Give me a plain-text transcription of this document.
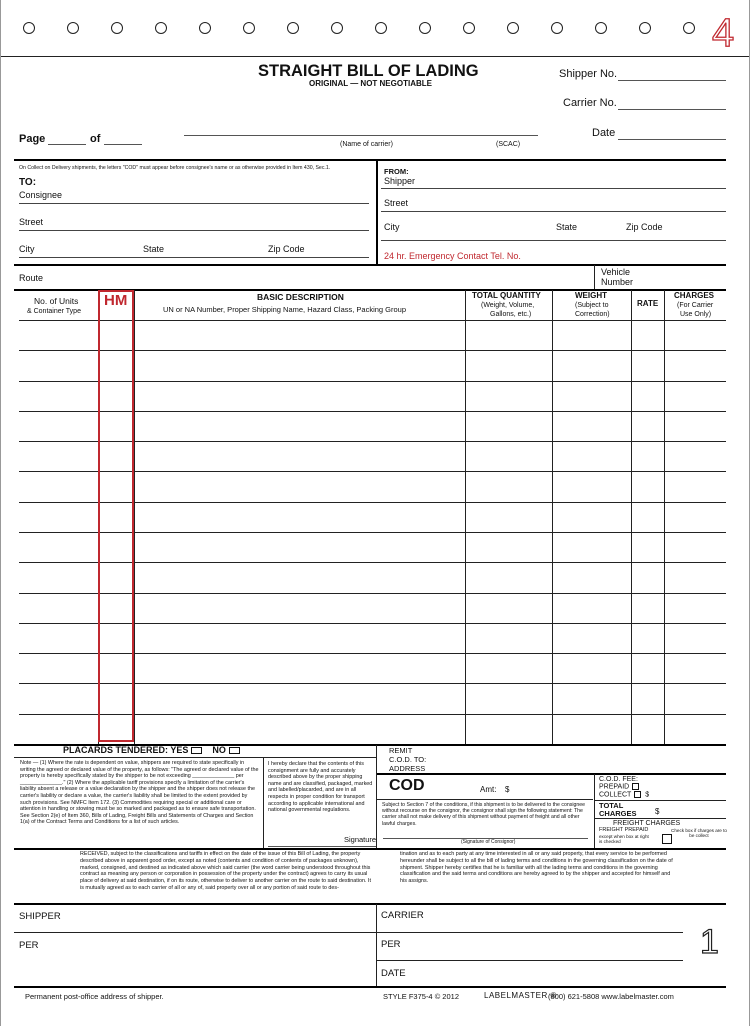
4
STRAIGHT BILL OF LADING
ORIGINAL — NOT NEGOTIABLE
Shipper No.
Carrier No.
Date
Page	of	(Name of carrier)	(SCAC)
On Collect on Delivery shipments, the letters "COD" must appear before consignee's name or as otherwise provided in Item 430, Sec.1.
TO:
Consignee
Street
City	State	Zip Code
FROM:
Shipper
Street
City	State	Zip Code
24 hr. Emergency Contact Tel. No.
Route
Vehicle
Number
No. of Units
& Container Type
HM	BASIC DESCRIPTION
UN or NA Number, Proper Shipping Name, Hazard Class, Packing Group
TOTAL QUANTITY
(Weight, Volume,
Gallons, etc.)
WEIGHT
(Subject to
Correction)
RATE
CHARGES
(For Carrier
Use Only)
PLACARDS TENDERED: YES	NO
Note — (1) Where the rate is dependent on value, shippers are required to state specifically in writing the agreed or declared value of the property, as follows: "The agreed or declared value of the property is hereby specifically stated by the shipper to be not exceeding ______________ per ______________." (2) Where the applicable tariff provisions specify a limitation of the carrier's liability absent a release or a value declaration by the shipper and the shipper does not release the carrier's liability or declare a value, the carrier's liability shall be limited to the extent provided by such provisions. See NMFC Item 172. (3) Commodities requiring special or additional care or attention in handling or stowing must be so marked and packaged as to ensure safe transportation. See Section 2(e) of Item 360, Bills of Lading, Freight Bills and Statements of Charges and Section 1(a) of the Contract Terms and Conditions for a list of such articles.
I hereby declare that the contents of this consignment are fully and accurately described above by the proper shipping name and are classified, packaged, marked and labelled/placarded, and are in all respects in proper condition for transport according to applicable international and national governmental regulations.
Signature
REMIT
C.O.D. TO:
ADDRESS
COD	Amt: $
Subject to Section 7 of the conditions, if this shipment is to be delivered to the consignee without recourse on the consignor, the consignor shall sign the following statement: The carrier shall not make delivery of this shipment without payment of freight and all other lawful charges.
(Signature of Consignor)
C.O.D. FEE:
PREPAID
COLLECT $
TOTAL
CHARGES $
FREIGHT CHARGES
FREIGHT PREPAID
except when box at right is checked
Check box if charges are to be collect
RECEIVED, subject to the classifications and tariffs in effect on the date of the issue of this Bill of Lading, the property described above in apparent good order, except as noted (contents and condition of contents of packages unknown), marked, consigned, and destined as indicated above which said carrier (the word carrier being understood throughout this contract as meaning any person or corporation in possession of the property under the contract) agrees to carry its usual place of delivery at said destination, if on its route, otherwise to deliver to another carrier on the route to said destination. It is mutually agreed as to each carrier of all or any of, said property over all or any portion of said route to des-
tination and as to each party at any time interested in all or any said property, that every service to be performed hereunder shall be subject to all the bill of lading terms and conditions in the governing classification on the date of shipment. Shipper hereby certifies that he is familiar with all the lading terms and conditions in the governing classification and the said terms and conditions are hereby agreed to by the shipper and accepted for himself and his assigns.
SHIPPER
PER
CARRIER
PER
DATE
1
Permanent post-office address of shipper.	STYLE F375-4 © 2012	LABELMASTER ®
(800) 621-5808 www.labelmaster.com
